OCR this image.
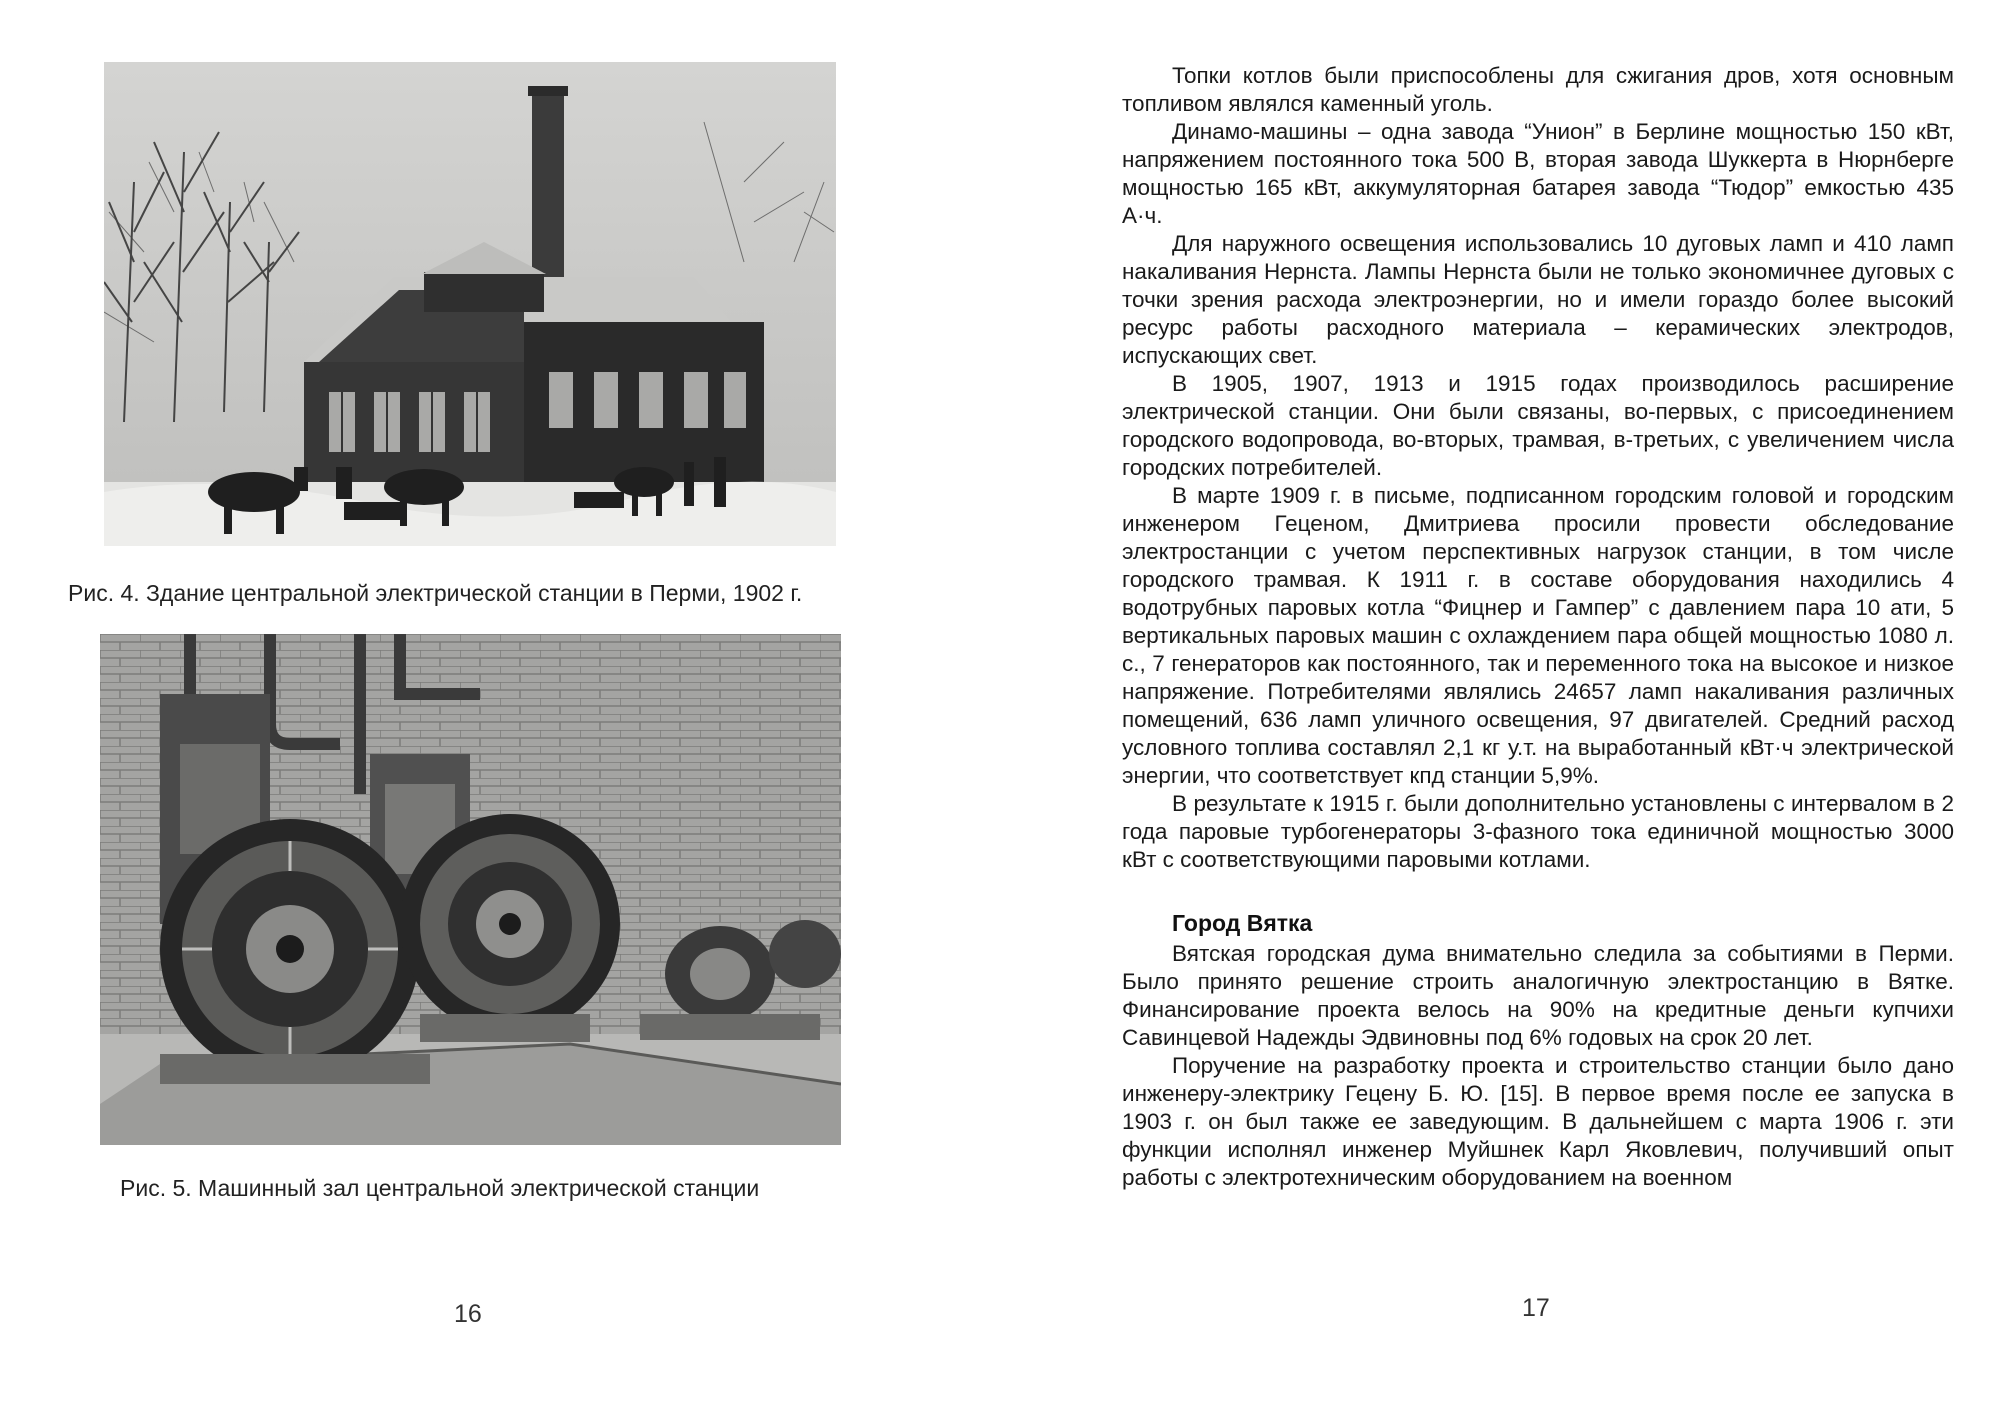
Рис. 4. Здание центральной электрической станции в Перми, 1902 г.
Рис. 5. Машинный зал центральной электрической станции
16

Топки котлов были приспособлены для сжигания дров, хотя основным топливом являлся каменный уголь.

Динамо-машины – одна завода “Унион” в Берлине мощностью 150 кВт, напряжением постоянного тока 500 В, вторая завода Шуккерта в Нюрнберге мощностью 165 кВт, аккумуляторная батарея завода “Тюдор” емкостью 435 А·ч.

Для наружного освещения использовались 10 дуговых ламп и 410 ламп накаливания Нернста. Лампы Нернста были не только экономичнее дуговых с точки зрения расхода электроэнергии, но и имели гораздо более высокий ресурс работы расходного материала – керамических электродов, испускающих свет.

В 1905, 1907, 1913 и 1915 годах производилось расширение электрической станции. Они были связаны, во-первых, с присоединением городского водопровода, во-вторых, трамвая, в-третьих, с увеличением числа городских потребителей.

В марте 1909 г. в письме, подписанном городским головой и городским инженером Геценом, Дмитриева просили провести обследование электростанции с учетом перспективных нагрузок станции, в том числе городского трамвая. К 1911 г. в составе оборудования находились 4 водотрубных паровых котла “Фицнер и Гампер” с давлением пара 10 ати, 5 вертикальных паровых машин с охлаждением пара общей мощностью 1080 л. с., 7 генераторов как постоянного, так и переменного тока на высокое и низкое напряжение. Потребителями являлись 24657 ламп накаливания различных помещений, 636 ламп уличного освещения, 97 двигателей. Средний расход условного топлива составлял 2,1 кг у.т. на выработанный кВт·ч электрической энергии, что соответствует кпд станции 5,9%.

В результате к 1915 г. были дополнительно установлены с интервалом в 2 года паровые турбогенераторы 3-фазного тока единичной мощностью 3000 кВт с соответствующими паровыми котлами.

Город Вятка

Вятская городская дума внимательно следила за событиями в Перми. Было принято решение строить аналогичную электростанцию в Вятке. Финансирование проекта велось на 90% на кредитные деньги купчихи Савинцевой Надежды Эдвиновны под 6% годовых на срок 20 лет.

Поручение на разработку проекта и строительство станции было дано инженеру-электрику Гецену Б. Ю. [15]. В первое время после ее запуска в 1903 г. он был также ее заведующим. В дальнейшем с марта 1906 г. эти функции исполнял инженер Муйшнек Карл Яковлевич, получивший опыт работы с электротехническим оборудованием на военном

17
